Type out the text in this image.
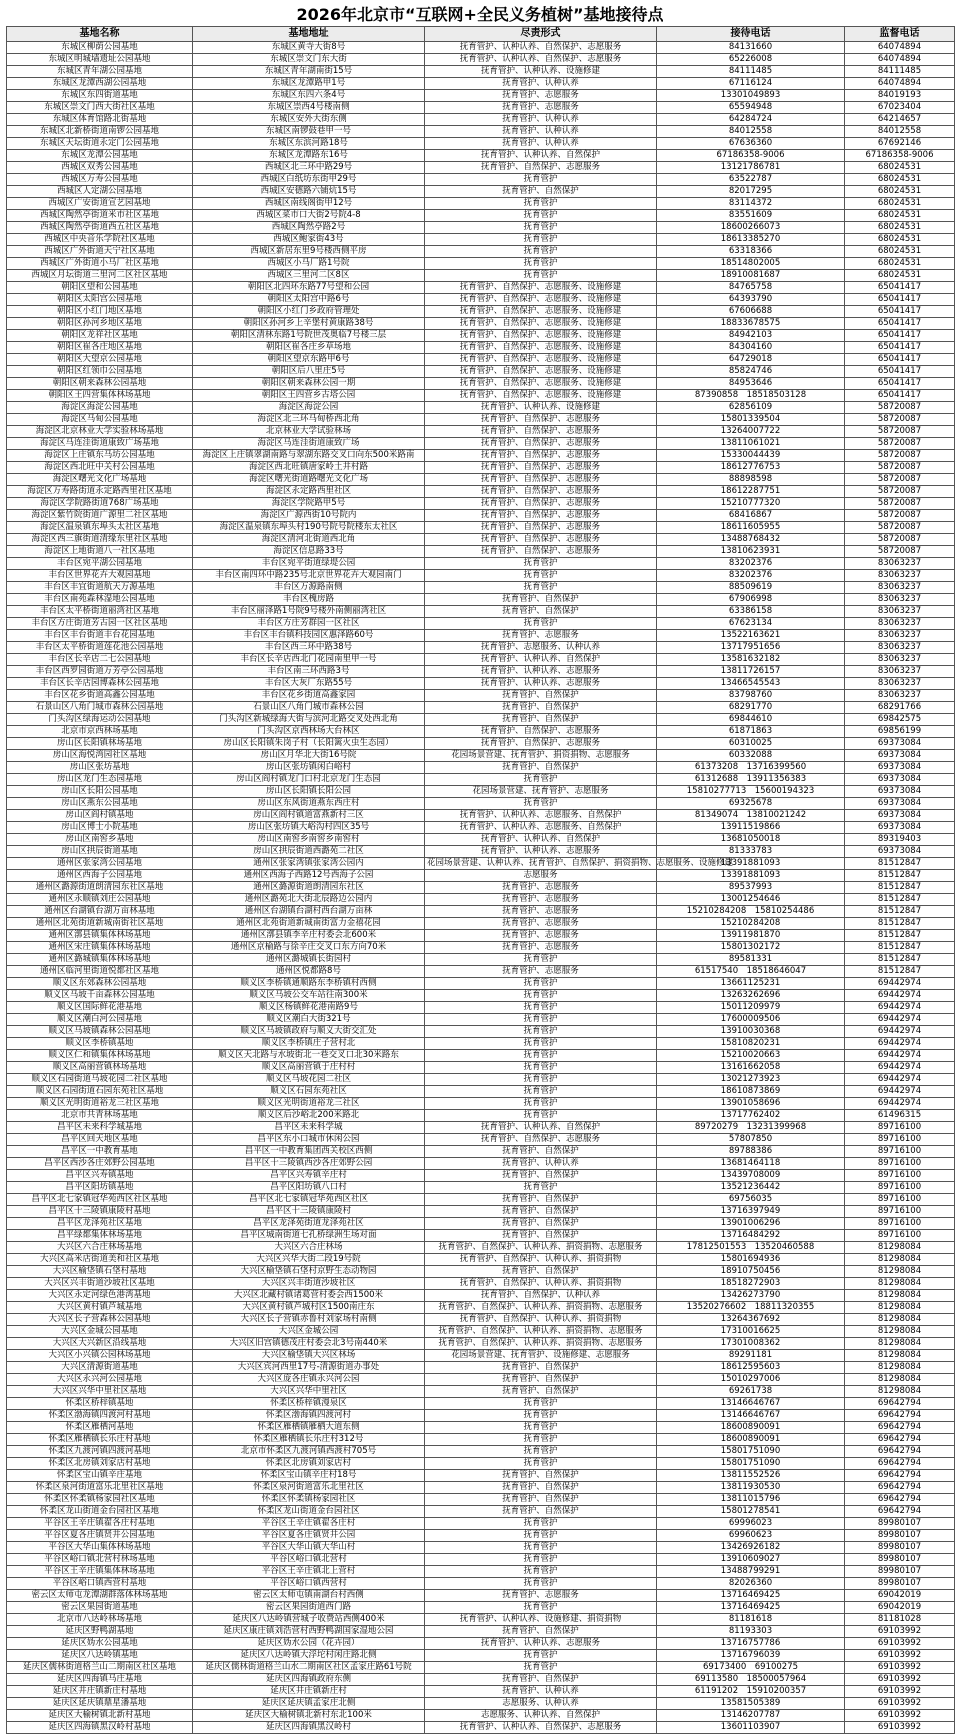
2026年北京市“互联网+全民义务植树”基地接待点
基地名称	基地地址	尽责形式	接待电话	监督电话
东城区柳荫公园基地	东城区黄寺大街8号	抚育管护、认种认养、自然保护、志愿服务	84131660	64074894
东城区明城墙遗址公园基地	东城区崇文门东大街	抚育管护、认种认养、自然保护、志愿服务	65226008	64074894
东城区青年湖公园基地	东城区青年湖南街15号	抚育管护、认种认养、设施修建	84111485	84111485
东城区龙潭西湖公园基地	东城区龙潭路甲1号	抚育管护、认种认养	67116124	64074894
东城区东四街道基地	东城区东四六条4号	抚育管护、志愿服务	13301049893	84019193
东城区崇文门西大街社区基地	东城区崇西4号楼南侧	抚育管护、志愿服务	65594948	67023404
东城区体育馆路北街基地	东城区安外大街东侧	抚育管护、认种认养	64284724	64214657
东城区北新桥街道南锣公园基地	东城区南锣鼓巷甲一号	抚育管护、认种认养	84012558	84012558
东城区天坛街道永定门公园基地	东城区东滨河路18号	抚育管护、认种认养	67636360	67692146
东城区龙潭公园基地	东城区龙潭路东16号	抚育管护、认种认养、自然保护	67186358-9006	67186358-9006
西城区双秀公园基地	西城区北三环中路29号	抚育管护、自然保护、志愿服务	13121786781	68024531
西城区万寿公园基地	西城区白纸坊东街甲29号	抚育管护	63522787	68024531
西城区人定湖公园基地	西城区安德路六铺炕15号	抚育管护、自然保护	82017295	68024531
西城区广安街道宣艺园基地	西城区南线阁街甲12号	抚育管护	83114372	68024531
西城区陶然亭街道米市社区基地	西城区菜市口大街2号院4-8	抚育管护	83551609	68024531
西城区陶然亭街道西五社区基地	西城区陶然亭路2号	抚育管护	18600266073	68024531
西城区中央音乐学院社区基地	西城区鲍家街43号	抚育管护	18613385270	68024531
西城区广外街道天宁社区基地	西城区新居东里9号楼西侧平房	抚育管护	63318366	68024531
西城区广外街道小马厂社区基地	西城区小马厂路1号院	抚育管护	18514802005	68024531
西城区月坛街道三里河二区社区基地	西城区三里河二区8区	抚育管护	18910081687	68024531
朝阳区望和公园基地	朝阳区北四环东路77号望和公园	抚育管护、自然保护、志愿服务、设施修建	84765758	65041417
朝阳区太阳宫公园基地	朝阳区太阳宫中路6号	抚育管护、自然保护、志愿服务、设施修建	64393790	65041417
朝阳区小红门地区基地	朝阳区小红门乡政府管理处	抚育管护、自然保护、志愿服务、设施修建	67606688	65041417
朝阳区孙河乡地区基地	朝阳区孙河乡上辛堡村黄康路38号	抚育管护、自然保护、志愿服务、设施修建	18833678575	65041417
朝阳区龙祥社区基地	朝阳区清林东路1号院世茂奥临7号楼三层	抚育管护、自然保护、志愿服务、设施修建	84942103	65041417
朝阳区崔各庄地区基地	朝阳区崔各庄乡草场地	抚育管护、自然保护、志愿服务、设施修建	84304160	65041417
朝阳区大望京公园基地	朝阳区望京东路甲6号	抚育管护、自然保护、志愿服务、设施修建	64729018	65041417
朝阳区红领巾公园基地	朝阳区后八里庄5号	抚育管护、自然保护、志愿服务、设施修建	85824746	65041417
朝阳区朝来森林公园基地	朝阳区朝来森林公园一期	抚育管护、自然保护、志愿服务、设施修建	84953646	65041417
朝阳区王四营集体林场基地	朝阳区王四营乡古塔公园	抚育管护、自然保护、志愿服务、设施修建	87390858　18518503128	65041417
海淀区海淀公园基地	海淀区海淀公园	抚育管护、认种认养、设施修建	62856109	58720087
海淀区马甸公园基地	海淀区北三环马甸桥西北角	抚育管护、自然保护、志愿服务	15801339504	58720087
海淀区北京林业大学实验林场基地	北京林业大学试验林场	抚育管护、自然保护、志愿服务	13264007722	58720087
海淀区马连洼街道康致广场基地	海淀区马连洼街道康致广场	抚育管护、自然保护、志愿服务	13811061021	58720087
海淀区上庄镇东马坊公园基地	海淀区上庄镇翠湖南路与翠湖东路交叉口向东500米路南	抚育管护、自然保护、志愿服务	15330044439	58720087
海淀区西北旺中关村公园基地	海淀区西北旺镇唐家岭土井村路	抚育管护、自然保护、志愿服务	18612776753	58720087
海淀区曙光文化广场基地	海淀区曙光街道路曙光文化广场	抚育管护、自然保护、志愿服务	88898598	58720087
海淀区万寿路街道永定路西里社区基地	海淀区永定路西里社区	抚育管护、自然保护、志愿服务	18612287751	58720087
海淀区学院路街道768广场基地	海淀区学院路甲5号	抚育管护、自然保护、志愿服务	15210777320	58720087
海淀区紫竹院街道广源里二社区基地	海淀区广源西街10号院内	抚育管护、自然保护、志愿服务	68416867	58720087
海淀区温泉镇东埠头太社区基地	海淀区温泉镇东埠头村190号院号院楼东太社区	抚育管护、自然保护、志愿服务	18611605955	58720087
海淀区西三旗街道清缘东里社区基地	海淀区清河北街道西北角	抚育管护、自然保护、志愿服务	13488768432	58720087
海淀区上地街道八一社区基地	海淀区信息路33号	抚育管护、自然保护、志愿服务	13810623931	58720087
丰台区宛平湖公园基地	丰台区宛平街道绿堤公园	抚育管护	83202376	83063237
丰台区世界花卉大观园基地	丰台区南四环中路235号北京世界花卉大观园南门	抚育管护	83202376	83063237
丰台区丰宜街道航天万源基地	丰台区万源路南侧	抚育管护	88509619	83063237
丰台区南苑森林湿地公园基地	丰台区槐房路	抚育管护、自然保护	67906998	83063237
丰台区太平桥街道丽湾社区基地	丰台区丽泽路1号院9号楼外南侧丽湾社区	抚育管护、自然保护	63386158	83063237
丰台区方庄街道芳古园一区社区基地	丰台区方庄芳群园一区社区	抚育管护	67623134	83063237
丰台区丰台街道丰台花园基地	丰台区丰台镇科技园区惠泽路60号	抚育管护、志愿服务	13522163621	83063237
丰台区太平桥街道莲花池公园基地	丰台区西三环中路38号	抚育管护、志愿服务、认种认养	13717951656	83063237
丰台区长辛店二七公园基地	丰台区长辛店西北门花园南里甲一号	抚育管护、认种认养、自然保护	13581632182	83063237
丰台区西罗园街道万芳亭公园基地	丰台区南三环西路3号	抚育管护、认种认养、志愿服务	13811726157	83063237
丰台区长辛店园博森林公园基地	丰台区大灰厂东路55号	抚育管护、认种认养、志愿服务	13466545543	83063237
丰台区花乡街道高鑫公园基地	丰台区花乡街道高鑫家园	抚育管护、自然保护	83798760	83063237
石景山区八角门城市森林公园基地	石景山区八角门城市森林公园	抚育管护、自然保护	68291770	68291766
门头沟区绿海运动公园基地	门头沟区新城绿海大街与滨河北路交叉处西北角	抚育管护、自然保护	69844610	69842575
北京市京西林场基地	门头沟区京西林场大台林区	抚育管护、自然保护、志愿服务	61871863	69856199
房山区长阳镇林场基地	房山区长阳镇朱岗子村（长阳篱火虫生态园）	抚育管护、自然保护、志愿服务	60310025	69373084
房山区海悦湾园社区基地	房山区月华北大街16号院	花园场景营建、抚育管护、捐资捐物、志愿服务	60332088	69373084
房山区张坊基地	房山区张坊镇闲白峪村	抚育管护、自然保护	61373208　13716399560	69373084
房山区龙门生态园基地	房山区阎村镇龙门口村北京龙门生态园	抚育管护	61312688　13911356383	69373084
房山区长阳公园基地	房山区长阳镇长阳公园	花园场景营建、抚育管护、志愿服务	15810277713　15600194323	69373084
房山区燕东公园基地	房山区东风街道燕东西庄村	抚育管护	69325678	69373084
房山区阎村镇基地	房山区阎村镇道富燕新村三区	抚育管护、认种认养、志愿服务、自然保护	81349074　13810021242	69373084
房山区博士小院基地	房山区张坊镇大峪沟村四区35号	抚育管护、认种认养、志愿服务、自然保护	13911519866	69373084
房山区南窖乡基地	房山区南窖乡南窖乡南窖村	抚育管护、认种认养、自然保护	13681050018	89319403
房山区拱辰街道基地	房山区拱辰街道西潞苑二社区	抚育管护、认种认养、志愿服务	81333783	69373084
通州区张家湾公园基地	通州区张家湾镇张家湾公园内	花园场景营建、认种认养、抚育管护、自然保护、捐资捐物、志愿服务、设施修建	13391881093	81512847
通州区西海子公园基地	通州区西海子西路12号西海子公园	志愿服务	13391881093	81512847
通州区潞源街道朗清园东社区基地	通州区潞源街道朗清园东社区	抚育管护、志愿服务	89537993	81512847
通州区永顺镇刘庄公园基地	通州区潞苑北大街北辰路边公园内	抚育管护、志愿服务	13001254646	81512847
通州区台湖镇台湖万亩林基地	通州区台湖镇台湖村西台湖万亩林	抚育管护、志愿服务	15210284208　15810254486	81512847
通州区北苑街道新城南街社区基地	通州区北苑街道新城南街富力金禧花园	抚育管护、志愿服务	15210284208	81512847
通州区漷县镇集体林场基地	通州区漷县镇李辛庄村委会北600米	抚育管护、志愿服务	13911981870	81512847
通州区宋庄镇集体林场基地	通州区京榆路与徐辛庄交叉口东方向70米	抚育管护、志愿服务	15801302172	81512847
通州区潞城镇集体林场基地	通州区潞城镇长街园村	抚育管护	89581331	81512847
通州区临河里街道悦都社区基地	通州区悦都路8号	抚育管护、志愿服务	61517540　18518646047	81512847
顺义区东郊森林公园基地	顺义区李桥镇通顺路东李桥镇村西侧	抚育管护	13661125231	69442974
顺义区马坡千亩森林公园基地	顺义区马坡公交车站往南300米	抚育管护	13263262696	69442974
顺义区国际鲜花港基地	顺义区杨镇鲜花港南路9号	抚育管护	15011209979	69442974
顺义区潮白河公园基地	顺义区潮白大街321号	抚育管护	17600009506	69442974
顺义区马坡镇森林公园基地	顺义区马坡镇政府与顺义大街交汇处	抚育管护	13910030368	69442974
顺义区李桥镇基地	顺义区李桥镇庄子营村北	抚育管护	15810820231	69442974
顺义区仁和镇集体林场基地	顺义区天北路与水坡街北一巷交叉口北30米路东	抚育管护	15210020663	69442974
顺义区高丽营镇林场基地	顺义区高丽营镇于庄村村	抚育管护	13161662058	69442974
顺义区石园街道马坡花园二社区基地	顺义区马坡花园二社区	抚育管护	13021273923	69442974
顺义区石园街道石园东苑社区基地	顺义区石园东苑社区	抚育管护	18610873869	69442974
顺义区光明街道裕龙三社区基地	顺义区光明街道裕龙三社区	抚育管护	13901058696	69442974
北京市共青林场基地	顺义区后沙峪北200米路北	抚育管护	13717762402	61496315
昌平区未来科学城基地	昌平区未来科学城	抚育管护、认种认养、自然保护	89720279　13231399968	89716100
昌平区回天地区基地	昌平区东小口城市休闲公园	抚育管护、自然保护、志愿服务	57807850	89716100
昌平区一中教育基地	昌平区一中教育集团西关校区西侧	抚育管护、自然保护	89788386	89716100
昌平区西沙各庄郊野公园基地	昌平区十三陵镇西沙各庄郊野公园	抚育管护、认种认养	13681464118	89716100
昌平区兴寿镇基地	昌平区兴寿镇辛庄村	抚育管护、自然保护	13439708009	89716100
昌平区阳坊镇基地	昌平区阳坊镇八口村	抚育管护	13521236442	89716100
昌平区北七家镇冠华苑西区社区基地	昌平区北七家镇冠华苑西区社区	抚育管护、自然保护	69756035	89716100
昌平区十三陵镇康陵村基地	昌平区十三陵镇康陵村	抚育管护、自然保护	13716397949	89716100
昌平区龙泽苑社区基地	昌平区龙泽苑街道龙泽苑社区	抚育管护、自然保护	13901006296	89716100
昌平绿都集体林场基地	昌平区城南街道七孔桥绿洲生场对面	抚育管护、自然保护	13716484292	89716100
大兴区六合庄林场基地	大兴区六合庄林场	抚育管护、自然保护、认种认养、捐资捐物、志愿服务	17812501553　13520460588	81298084
大兴区高米店街道美和社区基地	大兴区兴华大街二段19号院	抚育管护、自然保护、认种认养、捐资捐物	15801694936	81298084
大兴区榆垡镇石垡村基地	大兴区榆垡镇石垡村京野生态动物园	抚育管护、自然保护	18910750456	81298084
大兴区兴丰街道沙坡社区基地	大兴区兴丰街道沙坡社区	抚育管护、自然保护、认种认养、捐资捐物	18518272903	81298084
大兴区永定河绿色港湾基地	大兴区北藏村镇诸葛营村委会西1500米	抚育管护、自然保护、认种认养	13426273790	81298084
大兴区黄村镇芦城基地	大兴区黄村镇芦城村区1500南庄东	抚育管护、自然保护、认种认养、捐资捐物、志愿服务	13520276602　18811320355	81298084
大兴区长子营森林公园基地	大兴区长子营镇赤鲁村刘家场村南侧	抚育管护、自然保护、认种认养、捐资捐物	13264367692	81298084
大兴区金城公园基地	大兴区金城公园	抚育管护、自然保护、认种认养、捐资捐物、志愿服务	17310016625	81298084
大兴区大兴新区沿线基地	大兴区旧宫镇德茂庄村委会北3号南440米	抚育管护、自然保护、认种认养、捐资捐物、志愿服务	17301008362	81298084
大兴区小兴镇公园林场基地	大兴区榆垡镇大兴区林场	花园场景营建、抚育管护、设施修建、志愿服务	89291181	81298084
大兴区清源街道基地	大兴区宾河西里17号-清源街道办事处	抚育管护、自然保护	18612595603	81298084
大兴区永兴河公园基地	大兴区庞各庄镇永兴河公园	抚育管护、自然保护	15010297006	81298084
大兴区兴华中里社区基地	大兴区兴华中里社区	抚育管护、自然保护	69261738	81298084
怀柔区桥梓镇基地	怀柔区桥梓镇漫泉区	抚育管护	13146646767	69642794
怀柔区渤海镇四渡河村基地	怀柔区渤海镇四渡河村	抚育管护	13146646767	69642794
怀柔区雁栖河基地	怀柔区雁栖镇雁栖大道东侧	抚育管护	18600890091	69642794
怀柔区雁栖镇长乐庄村基地	怀柔区雁栖镇长乐庄村312号	抚育管护	18600890091	69642794
怀柔区九渡河镇四渡河基地	北京市怀柔区九渡河镇西渡村705号	抚育管护	15801751090	69642794
怀柔区北房镇刘家店村基地	怀柔区北房镇刘家店村	抚育管护	15801751090	69642794
怀柔区宝山镇辛庄基地	怀柔区宝山镇辛庄村18号	抚育管护、自然保护	13811552526	69642794
怀柔区泉河街道富乐北里社区基地	怀柔区泉河街道富乐北里社区	抚育管护、自然保护	13811930530	69642794
怀柔区怀柔镇杨家园社区基地	怀柔区怀柔镇杨家园社区	抚育管护、自然保护	13811015796	69642794
怀柔区龙山街道金台园社区基地	怀柔区龙山街道金台园社区	抚育管护、自然保护	15801278541	69642794
平谷区王辛庄镇翟各庄村基地	平谷区王辛庄镇翟各庄村	抚育管护	69996023	89980107
平谷区夏各庄镇贤井公园基地	平谷区夏各庄镇贤井公园	抚育管护	69960623	89980107
平谷区大华山集体林场基地	平谷区大华山镇大华山村	抚育管护	13426926182	89980107
平谷区峪口镇北营村林场基地	平谷区峪口镇北营村	抚育管护	13910609027	89980107
平谷区王辛庄镇集体林场基地	平谷区王辛庄镇北上营村	抚育管护	13488799291	89980107
平谷区峪口镇西营村基地	平谷区峪口镇西营村	抚育管护	82026360	89980107
密云区太师屯龙潭湖群落体林场基地	密云区太师屯镇南湖台村西侧	抚育管护、志愿服务	13716469425	69042019
密云区果园街道基地	密云区果园街道西门路	抚育管护	13716469425	69042019
北京市八达岭林场基地	延庆区八达岭镇营城子收费站西侧400米	抚育管护、认种认养、设施修建、捐资捐物	81181618	81181028
延庆区野鸭湖基地	延庆区康庄镇刘浩营村西野鸭湖国家湿地公园	抚育管护、自然保护	81193303	69103992
延庆区妫水公园基地	延庆区妫水公园（花卉园）	抚育管护、认种认养、志愿服务	13716757786	69103992
延庆区八达岭镇基地	延庆区八达岭镇大浮坨村闲庄路北侧	抚育管护	13716796039	69103992
延庆区儒林街道格兰山二期南区社区基地	延庆区儒林街道格兰山水二期南区社区孟家庄路61号院	抚育管护	69173400　69100275	69103992
延庆区四海镇马庄基地	延庆区四海镇政府东侧	抚育管护、自然保护	69113580　18500057964	69103992
延庆区井庄镇新庄村基地	延庆区井庄镇新庄村	抚育管护、认种认养	61191202　15910200357	69103992
延庆区延庆镇鼎星潘基地	延庆区延庆镇孟家庄北侧	志愿服务、认种认养	13581505389	69103992
延庆区大榆树镇北新村基地	延庆区大榆树镇北新村东北100米	志愿服务、认种认养、自然保护	13146207787	69103992
延庆区四海镇黑汉岭村基地	延庆区四海镇黑汉岭村	抚育管护、认种认养、自然保护、志愿服务	13601103907	69103992
